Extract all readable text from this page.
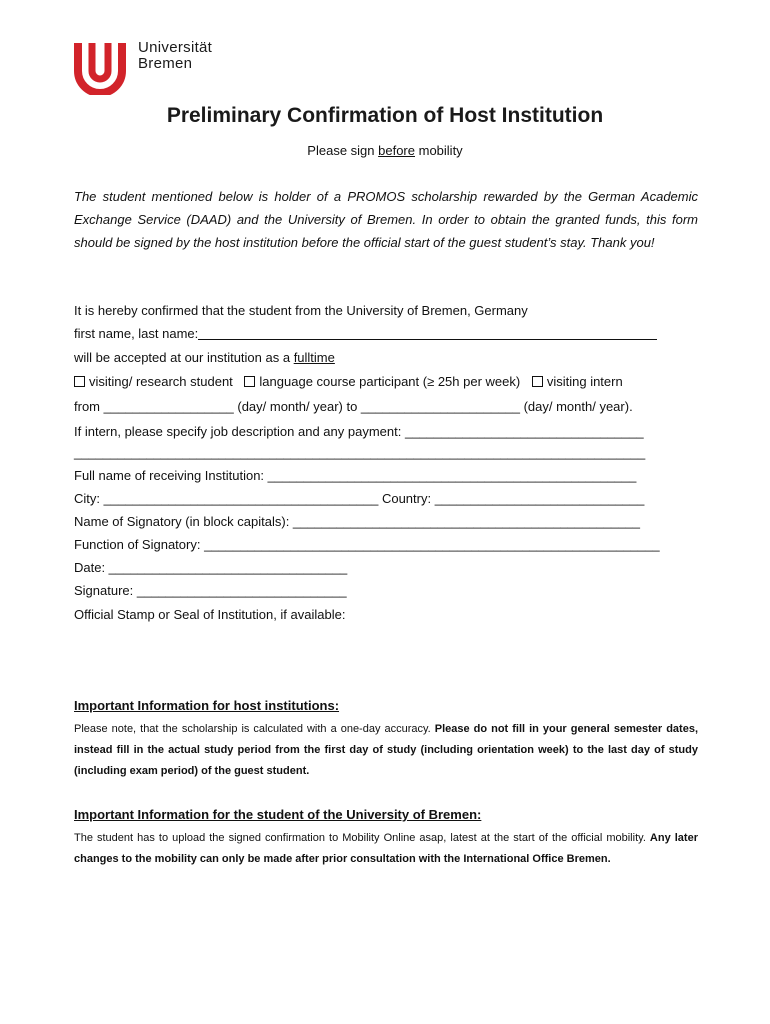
Universität
Bremen
Preliminary Confirmation of Host Institution
Please sign before mobility
The student mentioned below is holder of a PROMOS scholarship rewarded by the German Academic Exchange Service (DAAD) and the University of Bremen. In order to obtain the granted funds, this form should be signed by the host institution before the official start of the guest student’s stay. Thank you!
It is hereby confirmed that the student from the University of Bremen, Germany
first name, last name:
will be accepted at our institution as a fulltime
visiting/ research student language course participant (≥ 25h per week) visiting intern
from __________________ (day/ month/ year) to ______________________ (day/ month/ year).
If intern, please specify job description and any payment: _________________________________
_______________________________________________________________________________
Full name of receiving Institution: ___________________________________________________
City: ______________________________________ Country: _____________________________
Name of Signatory (in block capitals): ________________________________________________
Function of Signatory: _______________________________________________________________
Date: _________________________________
Signature: _____________________________
Official Stamp or Seal of Institution, if available:
Important Information for host institutions:
Please note, that the scholarship is calculated with a one-day accuracy. Please do not fill in your general semester dates, instead fill in the actual study period from the first day of study (including orientation week) to the last day of study (including exam period) of the guest student.
Important Information for the student of the University of Bremen:
The student has to upload the signed confirmation to Mobility Online asap, latest at the start of the official mobility. Any later changes to the mobility can only be made after prior consultation with the International Office Bremen.
